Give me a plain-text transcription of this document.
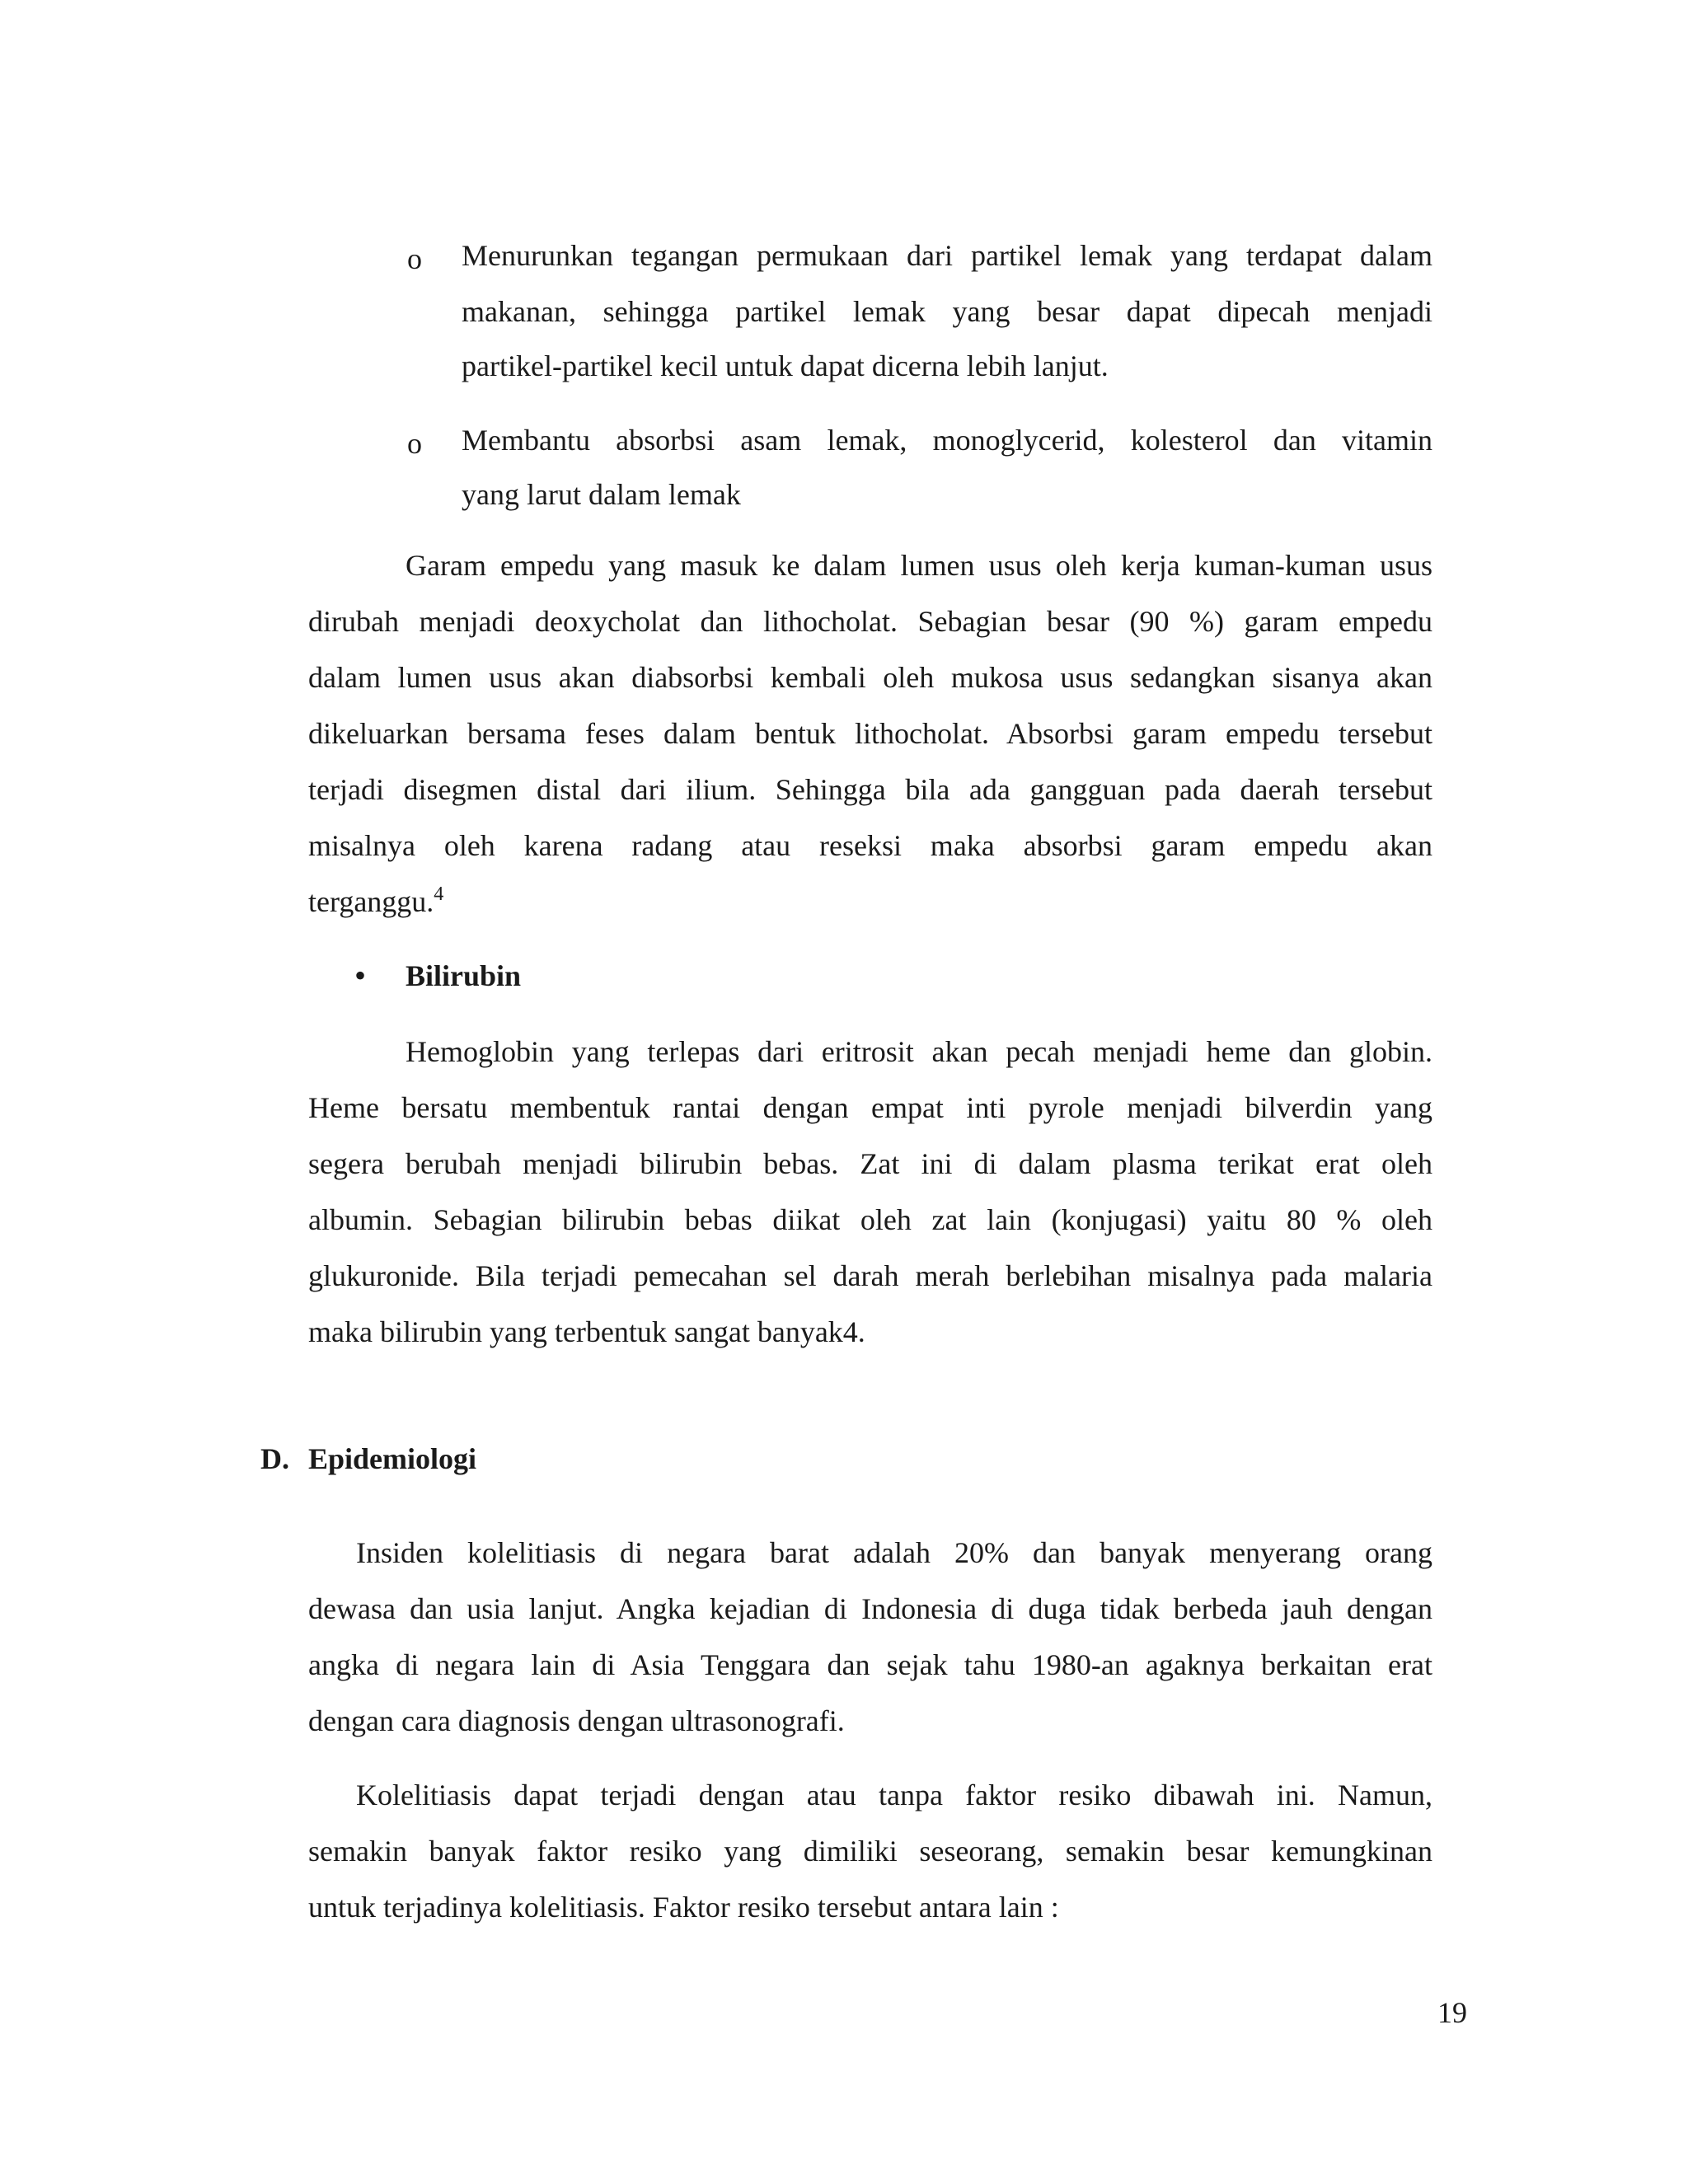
o Menurunkan tegangan permukaan dari partikel lemak yang terdapat dalam
makanan, sehingga partikel lemak yang besar dapat dipecah menjadi
partikel-partikel kecil untuk dapat dicerna lebih lanjut.
o Membantu absorbsi asam lemak, monoglycerid, kolesterol dan vitamin
yang larut dalam lemak
Garam empedu yang masuk ke dalam lumen usus oleh kerja kuman-kuman usus
dirubah menjadi deoxycholat dan lithocholat. Sebagian besar (90 %) garam empedu
dalam lumen usus akan diabsorbsi kembali oleh mukosa usus sedangkan sisanya akan
dikeluarkan bersama feses dalam bentuk lithocholat. Absorbsi garam empedu tersebut
terjadi disegmen distal dari ilium. Sehingga bila ada gangguan pada daerah tersebut
misalnya oleh karena radang atau reseksi maka absorbsi garam empedu akan
terganggu.$^4$
• Bilirubin
Hemoglobin yang terlepas dari eritrosit akan pecah menjadi heme dan globin.
Heme bersatu membentuk rantai dengan empat inti pyrole menjadi bilverdin yang
segera berubah menjadi bilirubin bebas. Zat ini di dalam plasma terikat erat oleh
albumin. Sebagian bilirubin bebas diikat oleh zat lain (konjugasi) yaitu 80 % oleh
glukuronide. Bila terjadi pemecahan sel darah merah berlebihan misalnya pada malaria
maka bilirubin yang terbentuk sangat banyak4.
D. Epidemiologi
Insiden kolelitiasis di negara barat adalah 20% dan banyak menyerang orang
dewasa dan usia lanjut. Angka kejadian di Indonesia di duga tidak berbeda jauh dengan
angka di negara lain di Asia Tenggara dan sejak tahu 1980-an agaknya berkaitan erat
dengan cara diagnosis dengan ultrasonografi.
Kolelitiasis dapat terjadi dengan atau tanpa faktor resiko dibawah ini. Namun,
semakin banyak faktor resiko yang dimiliki seseorang, semakin besar kemungkinan
untuk terjadinya kolelitiasis. Faktor resiko tersebut antara lain :
19
